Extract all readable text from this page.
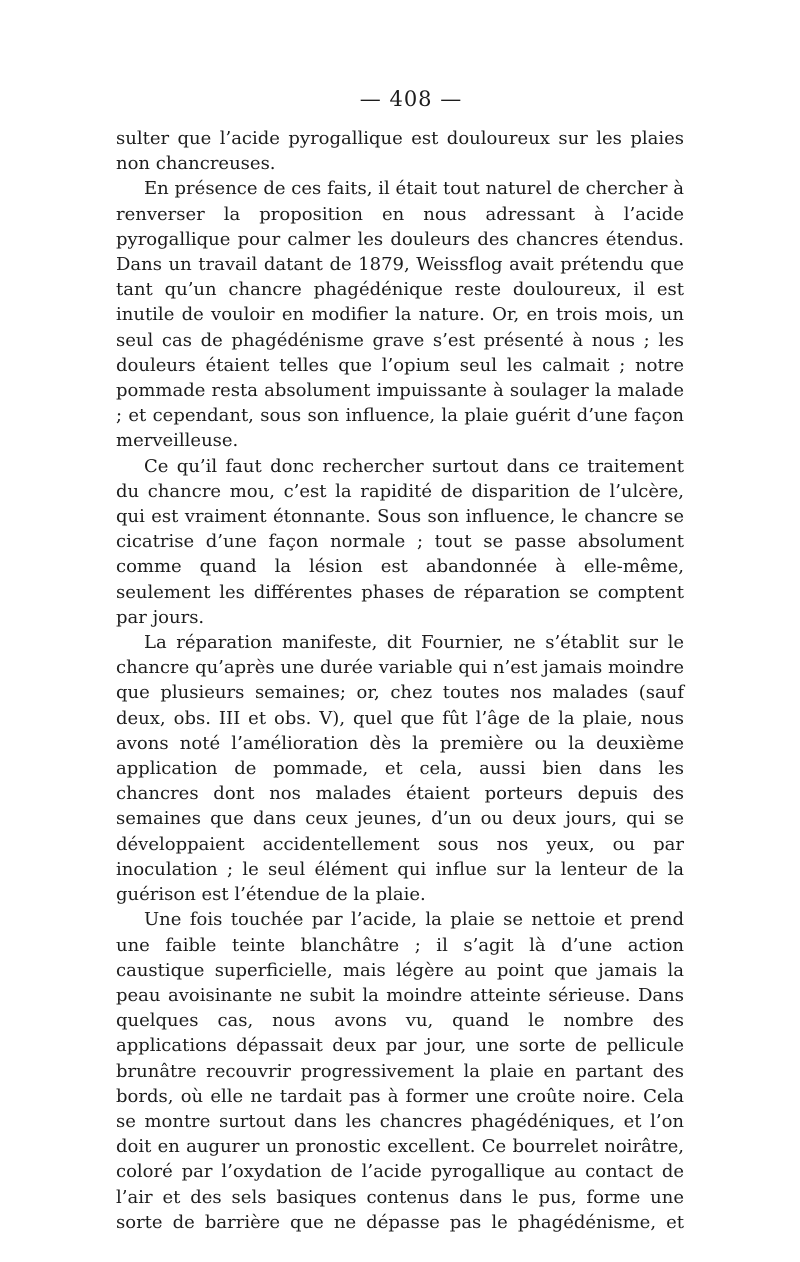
— 408 —

sulter que l’acide pyrogallique est douloureux sur les plaies non chancreuses.

En présence de ces faits, il était tout naturel de chercher à renverser la proposition en nous adressant à l’acide pyrogallique pour calmer les douleurs des chancres étendus. Dans un travail datant de 1879, Weissflog avait prétendu que tant qu’un chancre phagédénique reste douloureux, il est inutile de vouloir en modifier la nature. Or, en trois mois, un seul cas de phagédénisme grave s’est présenté à nous ; les douleurs étaient telles que l’opium seul les calmait ; notre pommade resta absolument impuissante à soulager la malade ; et cependant, sous son influence, la plaie guérit d’une façon merveilleuse.

Ce qu’il faut donc rechercher surtout dans ce traitement du chancre mou, c’est la rapidité de disparition de l’ulcère, qui est vraiment étonnante. Sous son influence, le chancre se cicatrise d’une façon normale ; tout se passe absolument comme quand la lésion est abandonnée à elle-même, seulement les différentes phases de réparation se comptent par jours.

La réparation manifeste, dit Fournier, ne s’établit sur le chancre qu’après une durée variable qui n’est jamais moindre que plusieurs semaines; or, chez toutes nos malades (sauf deux, obs. III et obs. V), quel que fût l’âge de la plaie, nous avons noté l’amélioration dès la première ou la deuxième application de pommade, et cela, aussi bien dans les chancres dont nos malades étaient porteurs depuis des semaines que dans ceux jeunes, d’un ou deux jours, qui se développaient accidentellement sous nos yeux, ou par inoculation ; le seul élément qui influe sur la lenteur de la guérison est l’étendue de la plaie.

Une fois touchée par l’acide, la plaie se nettoie et prend une faible teinte blanchâtre ; il s’agit là d’une action caustique superficielle, mais légère au point que jamais la peau avoisinante ne subit la moindre atteinte sérieuse. Dans quelques cas, nous avons vu, quand le nombre des applications dépassait deux par jour, une sorte de pellicule brunâtre recouvrir progressivement la plaie en partant des bords, où elle ne tardait pas à former une croûte noire. Cela se montre surtout dans les chancres phagédéniques, et l’on doit en augurer un pronostic excellent. Ce bourrelet noirâtre, coloré par l’oxydation de l’acide pyrogallique au contact de l’air et des sels basiques contenus dans le pus, forme une sorte de barrière que ne dépasse pas le phagédénisme, et
